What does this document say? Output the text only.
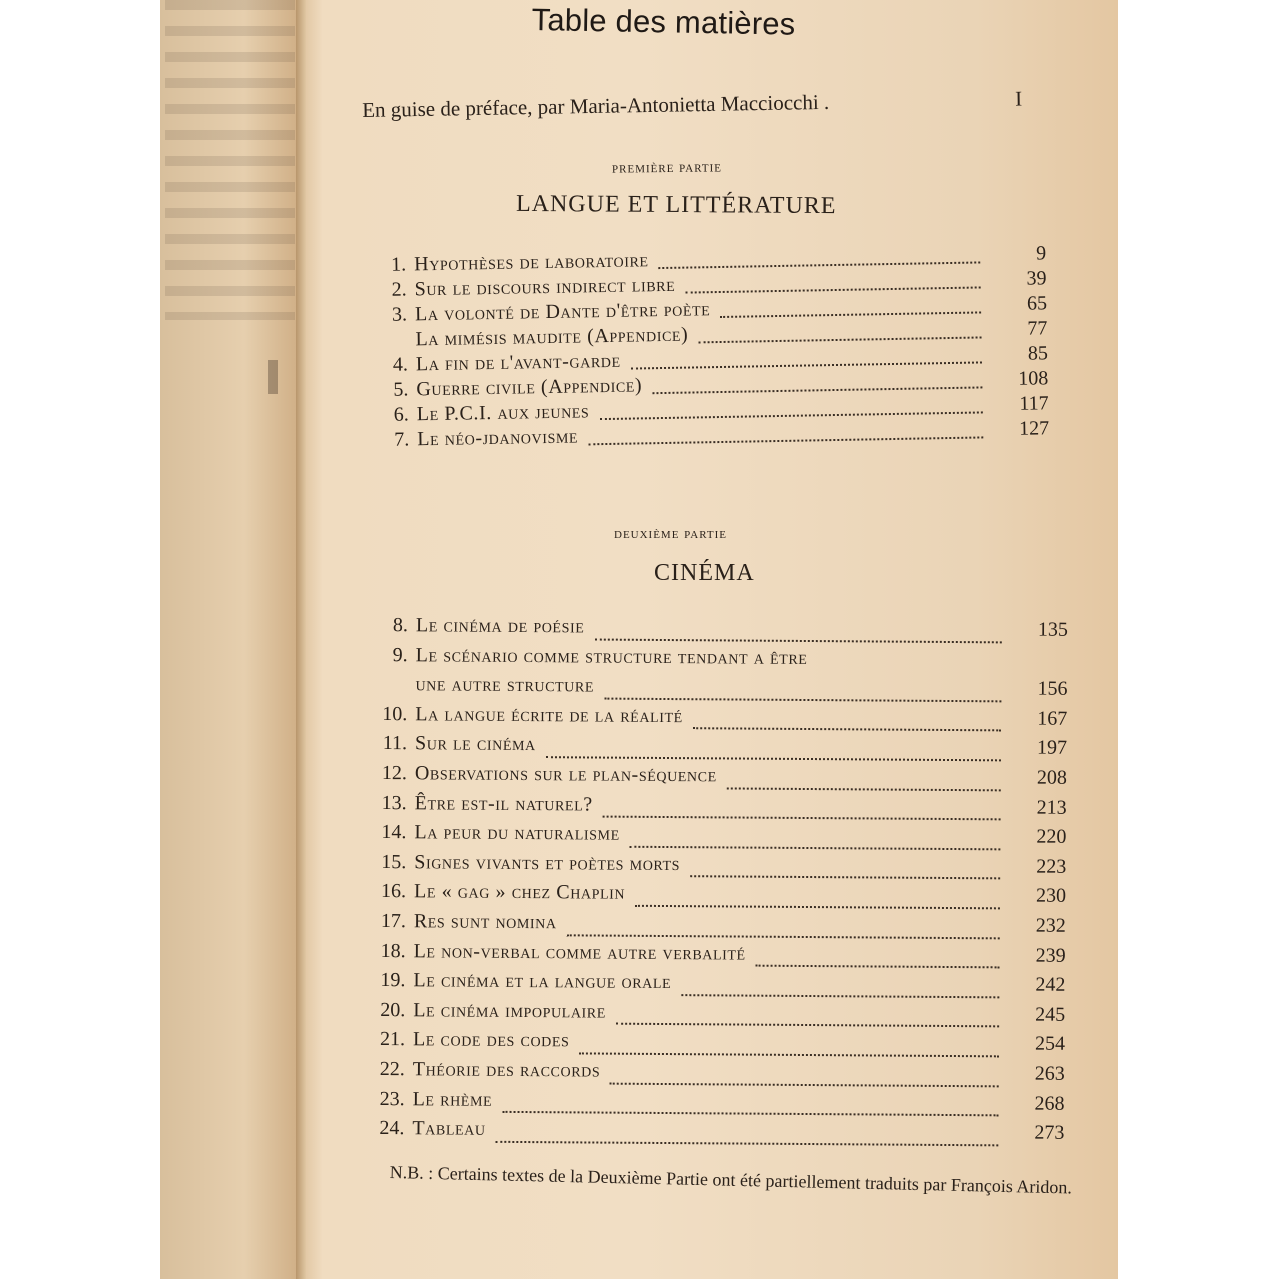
Table des matières
En guise de préface, par Maria-Antonietta Macciocchi .	I
première partie
LANGUE ET LITTÉRATURE
1. Hypothèses de laboratoire	9
2. Sur le discours indirect libre	39
3. La volonté de Dante d'être poète	65
La mimésis maudite (Appendice)	77
4. La fin de l'avant-garde	85
5. Guerre civile (Appendice)	108
6. Le P.C.I. aux jeunes	117
7. Le néo-jdanovisme	127
deuxième partie
CINÉMA
8. Le cinéma de poésie	135
9. Le scénario comme structure tendant a être
une autre structure	156
10. La langue écrite de la réalité	167
11. Sur le cinéma	197
12. Observations sur le plan-séquence	208
13. Être est-il naturel?	213
14. La peur du naturalisme	220
15. Signes vivants et poètes morts	223
16. Le « gag » chez Chaplin	230
17. Res sunt nomina	232
18. Le non-verbal comme autre verbalité	239
19. Le cinéma et la langue orale	242
20. Le cinéma impopulaire	245
21. Le code des codes	254
22. Théorie des raccords	263
23. Le rhème	268
24. Tableau	273
N.B. : Certains textes de la Deuxième Partie ont été partiellement traduits par François Aridon.
